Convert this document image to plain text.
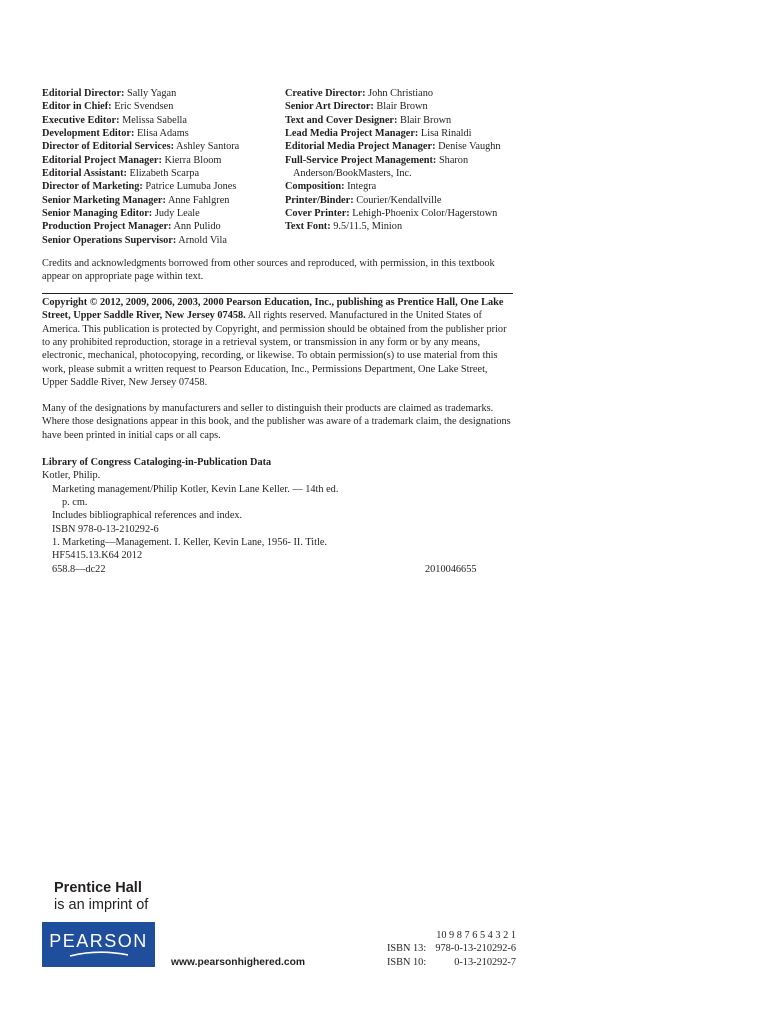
Editorial Director: Sally Yagan
Editor in Chief: Eric Svendsen
Executive Editor: Melissa Sabella
Development Editor: Elisa Adams
Director of Editorial Services: Ashley Santora
Editorial Project Manager: Kierra Bloom
Editorial Assistant: Elizabeth Scarpa
Director of Marketing: Patrice Lumuba Jones
Senior Marketing Manager: Anne Fahlgren
Senior Managing Editor: Judy Leale
Production Project Manager: Ann Pulido
Senior Operations Supervisor: Arnold Vila
Creative Director: John Christiano
Senior Art Director: Blair Brown
Text and Cover Designer: Blair Brown
Lead Media Project Manager: Lisa Rinaldi
Editorial Media Project Manager: Denise Vaughn
Full-Service Project Management: Sharon
Anderson/BookMasters, Inc.
Composition: Integra
Printer/Binder: Courier/Kendallville
Cover Printer: Lehigh-Phoenix Color/Hagerstown
Text Font: 9.5/11.5, Minion
Credits and acknowledgments borrowed from other sources and reproduced, with permission, in this textbook appear on appropriate page within text.
Copyright © 2012, 2009, 2006, 2003, 2000 Pearson Education, Inc., publishing as Prentice Hall, One Lake Street, Upper Saddle River, New Jersey 07458. All rights reserved. Manufactured in the United States of America. This publication is protected by Copyright, and permission should be obtained from the publisher prior to any prohibited reproduction, storage in a retrieval system, or transmission in any form or by any means, electronic, mechanical, photocopying, recording, or likewise. To obtain permission(s) to use material from this work, please submit a written request to Pearson Education, Inc., Permissions Department, One Lake Street, Upper Saddle River, New Jersey 07458.
Many of the designations by manufacturers and seller to distinguish their products are claimed as trademarks. Where those designations appear in this book, and the publisher was aware of a trademark claim, the designations have been printed in initial caps or all caps.
Library of Congress Cataloging-in-Publication Data
Kotler, Philip.
Marketing management/Philip Kotler, Kevin Lane Keller. — 14th ed.
p. cm.
Includes bibliographical references and index.
ISBN 978-0-13-210292-6
1. Marketing—Management. I. Keller, Kevin Lane, 1956- II. Title.
HF5415.13.K64 2012
658.8—dc22	2010046655
Prentice Hall
is an imprint of
PEARSON
www.pearsonhighered.com
10 9 8 7 6 5 4 3 2 1
ISBN 13: 978-0-13-210292-6
ISBN 10:	0-13-210292-7
